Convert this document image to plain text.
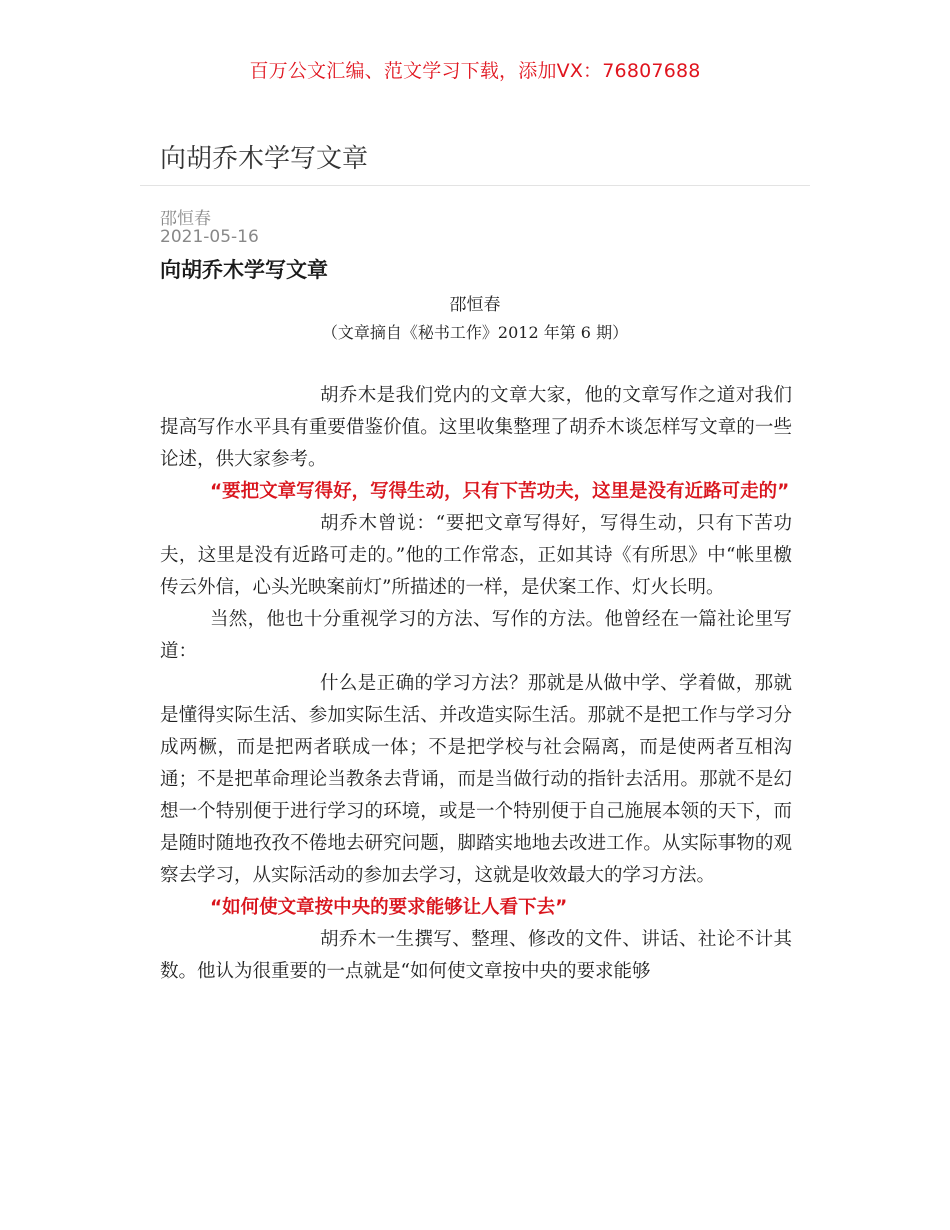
百万公文汇编、范文学习下载，添加VX：76807688
向胡乔木学写文章
邵恒春
2021-05-16
向胡乔木学写文章
邵恒春
（文章摘自《秘书工作》2012 年第 6 期）

胡乔木是我们党内的文章大家，他的文章写作之道对我们提高写作水平具有重要借鉴价值。这里收集整理了胡乔木谈怎样写文章的一些论述，供大家参考。

“要把文章写得好，写得生动，只有下苦功夫，这里是没有近路可走的”

胡乔木曾说：“要把文章写得好，写得生动，只有下苦功夫，这里是没有近路可走的。”他的工作常态，正如其诗《有所思》中“帐里檄传云外信，心头光映案前灯”所描述的一样，是伏案工作、灯火长明。

当然，他也十分重视学习的方法、写作的方法。他曾经在一篇社论里写道：

什么是正确的学习方法？那就是从做中学、学着做，那就是懂得实际生活、参加实际生活、并改造实际生活。那就不是把工作与学习分成两橛，而是把两者联成一体；不是把学校与社会隔离，而是使两者互相沟通；不是把革命理论当教条去背诵，而是当做行动的指针去活用。那就不是幻想一个特别便于进行学习的环境，或是一个特别便于自己施展本领的天下，而是随时随地孜孜不倦地去研究问题，脚踏实地地去改进工作。从实际事物的观察去学习，从实际活动的参加去学习，这就是收效最大的学习方法。

“如何使文章按中央的要求能够让人看下去”

胡乔木一生撰写、整理、修改的文件、讲话、社论不计其数。他认为很重要的一点就是“如何使文章按中央的要求能够
